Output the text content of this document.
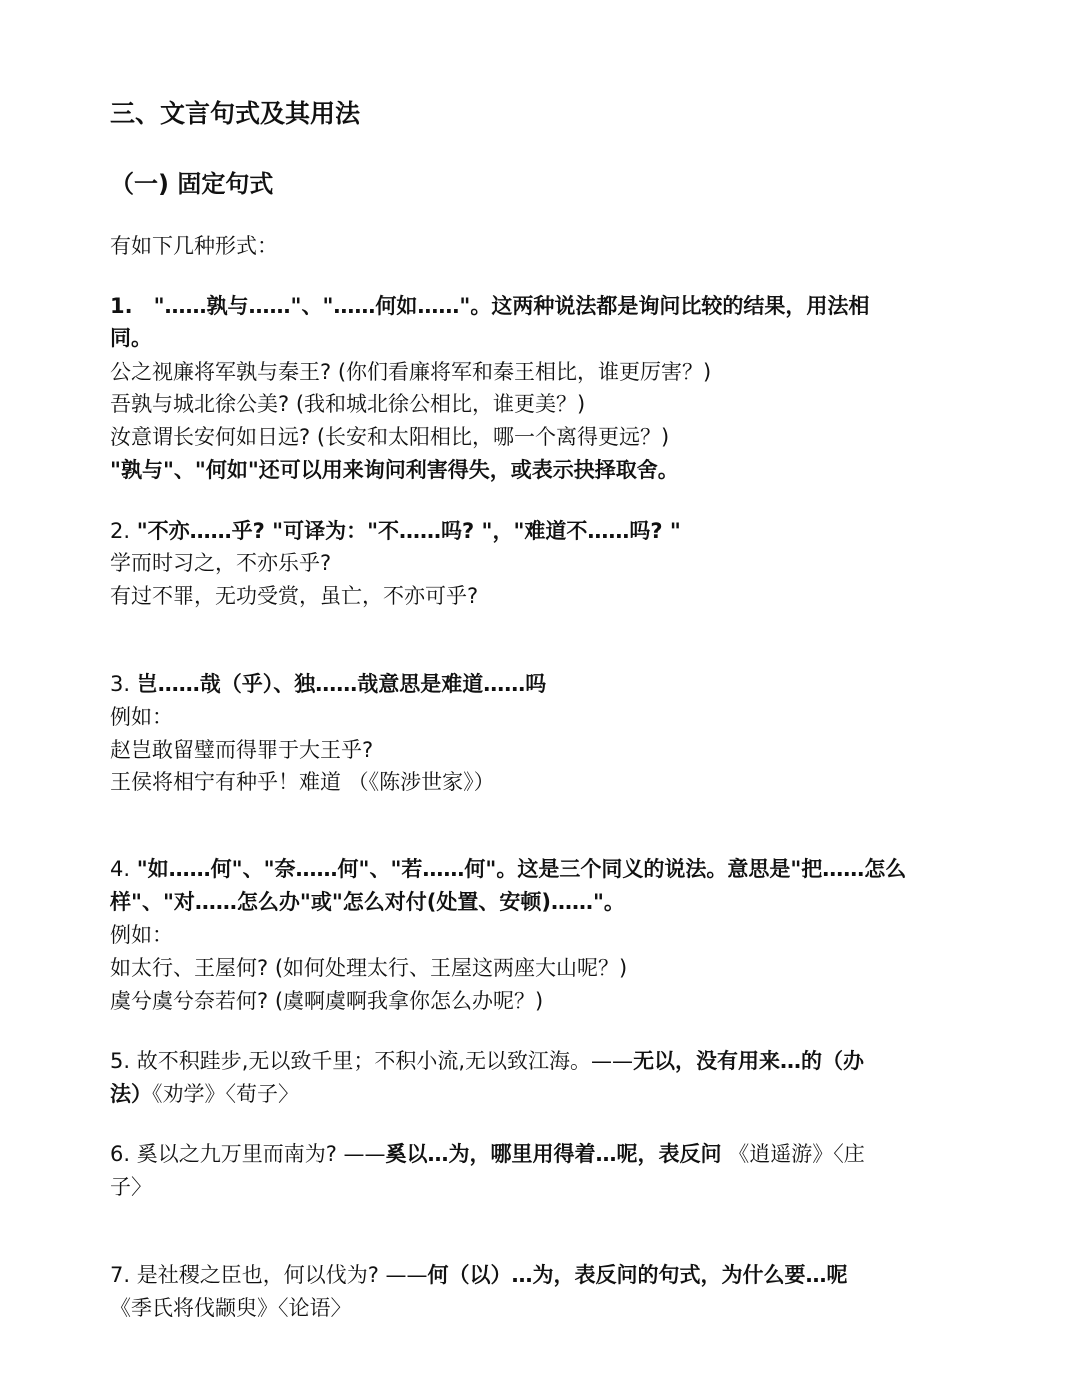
三、文言句式及其用法
（一) 固定句式
有如下几种形式：
1.　"……孰与……"、"……何如……"。这两种说法都是询问比较的结果，用法相
同。
公之视廉将军孰与秦王? (你们看廉将军和秦王相比，谁更厉害？)
吾孰与城北徐公美? (我和城北徐公相比，谁更美？)
汝意谓长安何如日远? (长安和太阳相比，哪一个离得更远？)
"孰与"、"何如"还可以用来询问利害得失，或表示抉择取舍。
2. "不亦……乎? "可译为："不……吗? "，"难道不……吗? "
学而时习之，不亦乐乎?
有过不罪，无功受赏，虽亡，不亦可乎?
3. 岂……哉（乎）、独……哉意思是难道……吗
例如：
赵岂敢留璧而得罪于大王乎?
王侯将相宁有种乎！难道 （《陈涉世家》）
4. "如……何"、"奈……何"、"若……何"。这是三个同义的说法。意思是"把……怎么
样"、"对……怎么办"或"怎么对付(处置、安顿)……"。
例如：
如太行、王屋何? (如何处理太行、王屋这两座大山呢？)
虞兮虞兮奈若何? (虞啊虞啊我拿你怎么办呢？)
5. 故不积跬步,无以致千里；不积小流,无以致江海。——无以，没有用来…的（办
法）《劝学》〈荀子〉
6. 奚以之九万里而南为? ——奚以…为，哪里用得着…呢，表反问 《逍遥游》〈庄
子〉
7. 是社稷之臣也，何以伐为? ——何（以）…为，表反问的句式，为什么要…呢
《季氏将伐颛臾》〈论语〉
